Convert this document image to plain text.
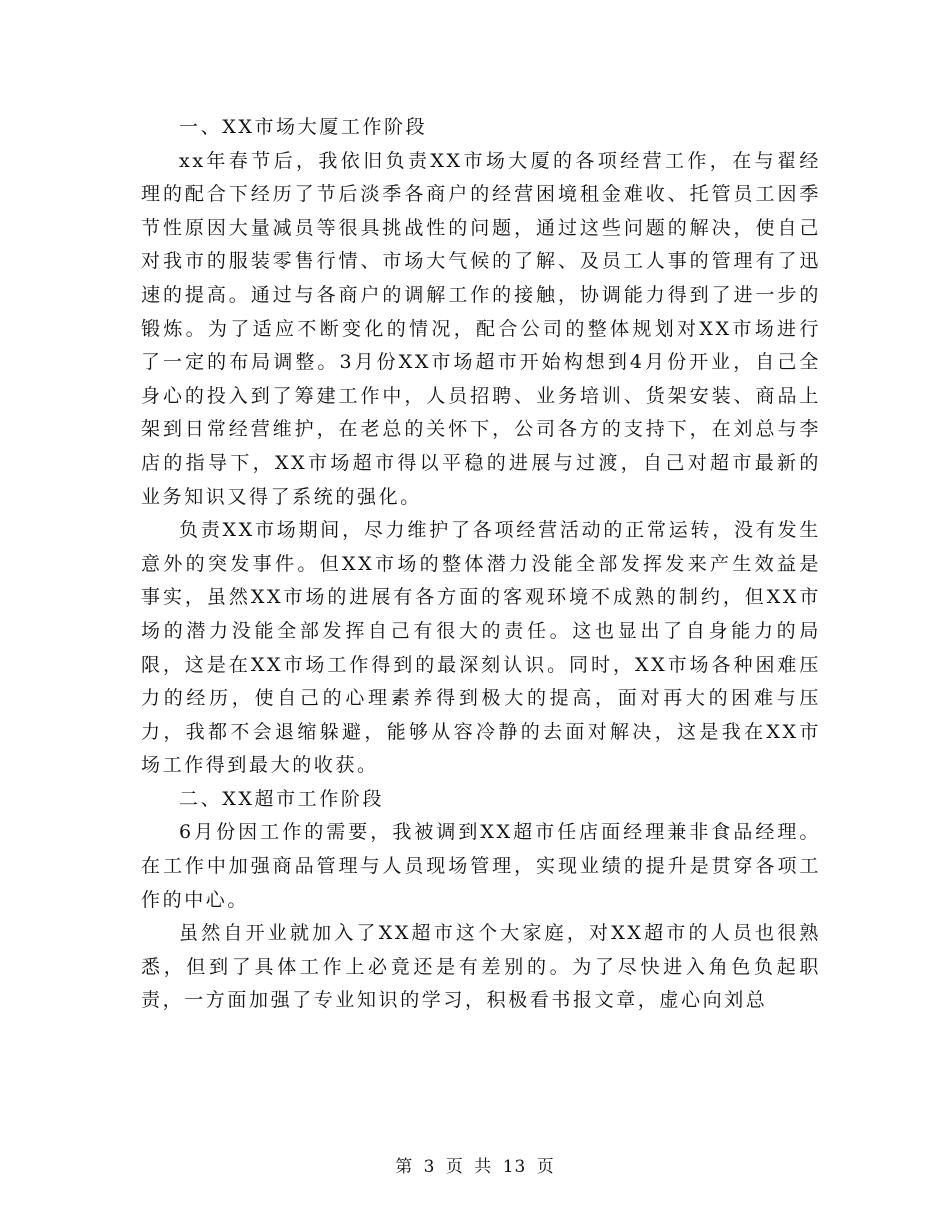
一、XX市场大厦工作阶段

xx年春节后，我依旧负责XX市场大厦的各项经营工作，在与翟经理的配合下经历了节后淡季各商户的经营困境租金难收、托管员工因季节性原因大量减员等很具挑战性的问题，通过这些问题的解决，使自己对我市的服装零售行情、市场大气候的了解、及员工人事的管理有了迅速的提高。通过与各商户的调解工作的接触，协调能力得到了进一步的锻炼。为了适应不断变化的情况，配合公司的整体规划对XX市场进行了一定的布局调整。3月份XX市场超市开始构想到4月份开业，自己全身心的投入到了筹建工作中，人员招聘、业务培训、货架安装、商品上架到日常经营维护，在老总的关怀下，公司各方的支持下，在刘总与李店的指导下，XX市场超市得以平稳的进展与过渡，自己对超市最新的业务知识又得了系统的强化。

负责XX市场期间，尽力维护了各项经营活动的正常运转，没有发生意外的突发事件。但XX市场的整体潜力没能全部发挥发来产生效益是事实，虽然XX市场的进展有各方面的客观环境不成熟的制约，但XX市场的潜力没能全部发挥自己有很大的责任。这也显出了自身能力的局限，这是在XX市场工作得到的最深刻认识。同时，XX市场各种困难压力的经历，使自己的心理素养得到极大的提高，面对再大的困难与压力，我都不会退缩躲避，能够从容冷静的去面对解决，这是我在XX市场工作得到最大的收获。

二、XX超市工作阶段

6月份因工作的需要，我被调到XX超市任店面经理兼非食品经理。在工作中加强商品管理与人员现场管理，实现业绩的提升是贯穿各项工作的中心。

虽然自开业就加入了XX超市这个大家庭，对XX超市的人员也很熟悉，但到了具体工作上必竟还是有差别的。为了尽快进入角色负起职责，一方面加强了专业知识的学习，积极看书报文章，虚心向刘总

第 3 页 共 13 页
